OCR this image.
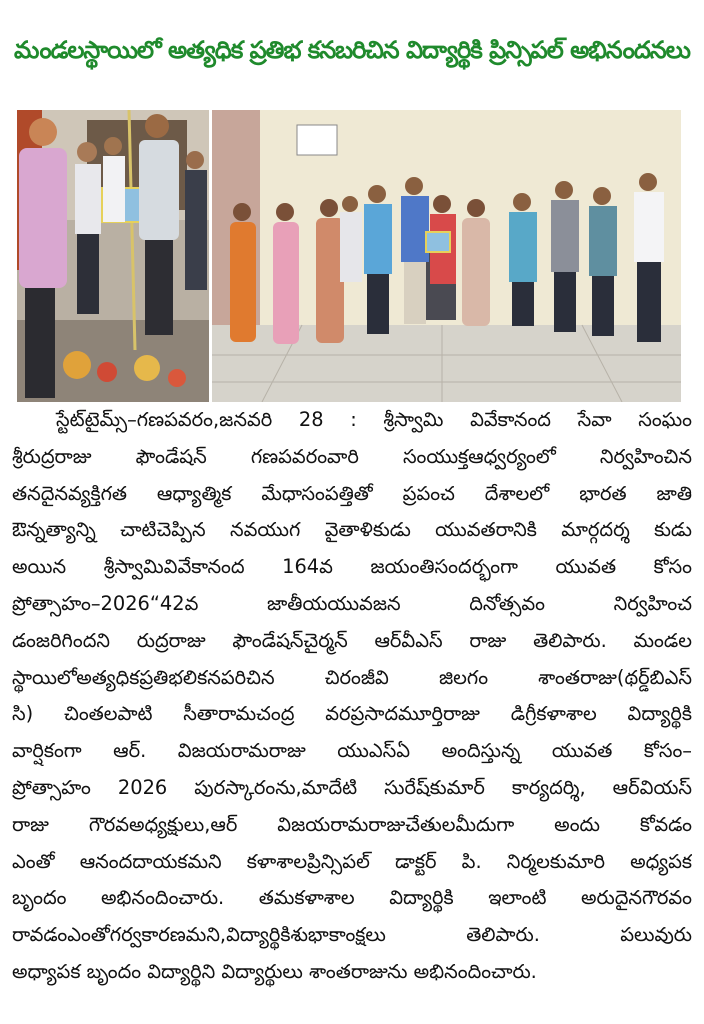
మండలస్థాయిలో అత్యధిక ప్రతిభ కనబరిచిన విద్యార్థికి ప్రిన్సిపల్ అభినందనలు
స్టేట్‌టైమ్స్–గణపవరం,జనవరి 28 : శ్రీస్వామి వివేకానంద సేవా సంఘం
శ్రీరుద్రరాజు ఫౌండేషన్ గణపవరంవారి సంయుక్తఆధ్వర్యంలో నిర్వహించిన
తనదైనవ్యక్తిగత ఆధ్యాత్మిక మేధాసంపత్తితో ప్రపంచ దేశాలలో భారత జాతి
ఔన్నత్యాన్ని చాటిచెప్పిన నవయుగ వైతాళికుడు యువతరానికి మార్గదర్శ కుడు
అయిన శ్రీస్వామివివేకానంద 164వ జయంతిసందర్భంగా యువత కోసం
ప్రోత్సాహం–2026“42వ జాతీయయువజన దినోత్సవం నిర్వహించ
డంజరిగిందని రుద్రరాజు ఫౌండేషన్‌చైర్మన్ ఆర్‌వీఎస్ రాజు తెలిపారు. మండల
స్థాయిలోఅత్యధికప్రతిభలికనపరిచిన చిరంజీవి జిలగం శాంతరాజు(థర్డ్‌బిఎస్
సి) చింతలపాటి సీతారామచంద్ర వరప్రసాదమూర్తిరాజు డిగ్రీకళాశాల విద్యార్థికి
వార్షికంగా ఆర్. విజయరామరాజు యుఎస్‌ఏ అందిస్తున్న యువత కోసం–
ప్రోత్సాహం 2026 పురస్కారంను,మాదేటి సురేష్‌కుమార్ కార్యదర్శి, ఆర్‌వియస్
రాజు గౌరవఅధ్యక్షులు,ఆర్ విజయరామరాజుచేతులమీదుగా అందు కోవడం
ఎంతో ఆనందదాయకమని కళాశాలప్రిన్సిపల్ డాక్టర్ పి. నిర్మలకుమారి అధ్యపక
బృందం అభినందించారు. తమకళాశాల విద్యార్థికి ఇలాంటి అరుదైనగౌరవం
రావడంఎంతోగర్వకారణమని,విద్యార్థికిశుభాకాంక్షలు తెలిపారు. పలువురు
అధ్యాపక బృందం విద్యార్థిని విద్యార్థులు శాంతరాజును అభినందించారు.
